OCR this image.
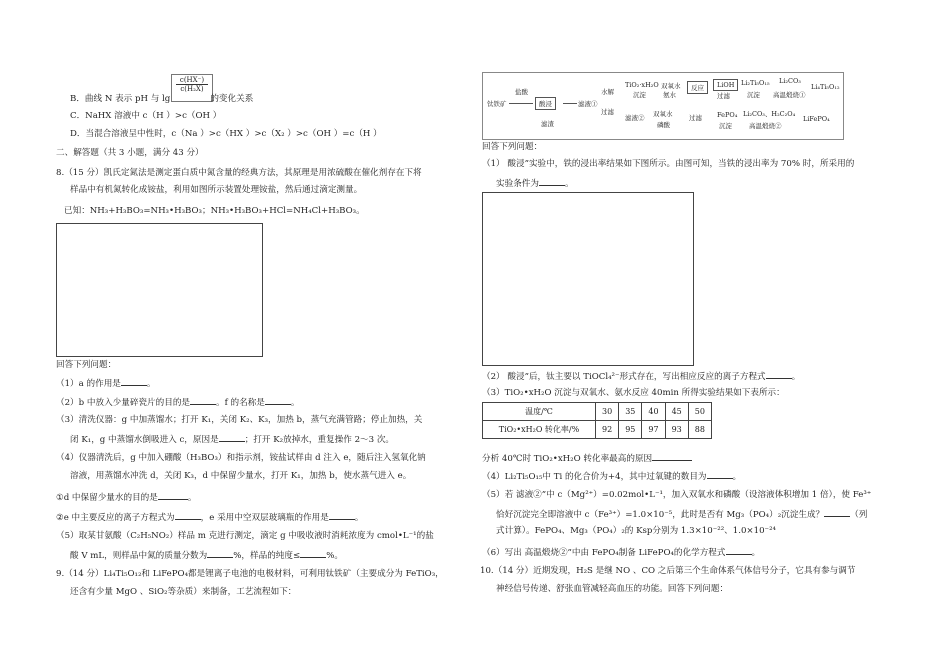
$\frac{c(HX^-)}{\text{c(H₂X)}}$
B．曲线 N 表示 pH 与 lg	的变化关系
C．NaHX 溶液中 c（H ）>c（OH ）
D．当混合溶液呈中性时，c（Na ）>c（HX ）>c（X₂ ）>c（OH ）=c（H ）
二、解答题（共 3 小题，满分 43 分）
8.（15 分）凯氏定氮法是测定蛋白质中氮含量的经典方法，其原理是用浓硫酸在催化剂存在下将
样品中有机氮转化成铵盐，利用如图所示装置处理铵盐，然后通过滴定测量。
已知：NH₃+H₃BO₃=NH₃•H₃BO₃；NH₃•H₃BO₃+HCl=NH₄Cl+H₃BO₃。
回答下列问题：
（1）a 的作用是	。
（2）b 中放入少量碎瓷片的目的是	。f 的名称是	。
（3）清洗仪器：g 中加蒸馏水；打开 K₁，关闭 K₂、K₃，加热 b，蒸气充满管路；停止加热，关
闭 K₁，g 中蒸馏水倒吸进入 c，原因是	；打开 K₂放掉水，重复操作 2～3 次。
（4）仪器清洗后，g 中加入硼酸（H₃BO₃）和指示剂，铵盐试样由 d 注入 e，随后注入氢氧化钠
溶液，用蒸馏水冲洗 d，关闭 K₃，d 中保留少量水，打开 K₁，加热 b，使水蒸气进入 e。
①d 中保留少量水的目的是	。
②e 中主要反应的离子方程式为	，e 采用中空双层玻璃瓶的作用是	。
（5）取某甘氨酸（C₂H₅NO₂）样品 m 克进行测定，滴定 g 中吸收液时消耗浓度为 cmol•L⁻¹的盐
酸 V mL，则样品中氮的质量分数为	%，样品的纯度≤	%。
9.（14 分）Li₄Ti₅O₁₂和 LiFePO₄都是锂离子电池的电极材料，可利用钛铁矿（主要成分为 FeTiO₃，
还含有少量 MgO 、SiO₂等杂质）来制备，工艺流程如下：
钛铁矿
盐酸
酸浸
滤渣
滤液①
水解
过滤
TiO₂·xH₂O
沉淀
双氧水
氨水
反应	LiOH
过滤
Li₂Ti₅O₁₅
沉淀
Li₂CO₃
高温煅烧①
Li₄Ti₅O₁₂
滤液② 双氧水
磷酸
过滤 FePO₄
沉淀
Li₂CO₃、H₂C₂O₄
高温煅烧②
LiFePO₄
回答下列问题：
（1） 酸浸”实验中，铁的浸出率结果如下图所示。由图可知，当铁的浸出率为 70% 时，所采用的
实验条件为	。
（2） 酸浸”后，钛主要以 TiOCl₄²⁻形式存在，写出相应反应的离子方程式	。
（3）TiO₂•xH₂O 沉淀与双氧水、氨水反应 40min 所得实验结果如下表所示：
温度/℃	30	35	40	45	50
TiO₂•xH₂O 转化率/%	92	95	97	93	88
分析 40℃时 TiO₂•xH₂O 转化率最高的原因
（4）Li₂Ti₅O₁₅中 Ti 的化合价为+4，其中过氧键的数目为	。
（5）若 滤液②”中 c（Mg²⁺）=0.02mol•L⁻¹，加入双氧水和磷酸（设溶液体积增加 1 倍），使 Fe³⁺
恰好沉淀完全即溶液中 c（Fe³⁺）=1.0×10⁻⁵，此时是否有 Mg₃（PO₄）₂沉淀生成？	（列
式计算）。FePO₄、Mg₃（PO₄）₂的 Ksp分别为 1.3×10⁻²²、1.0×10⁻²⁴
（6）写出 高温煅烧②”中由 FePO₄制备 LiFePO₄的化学方程式	。
10.（14 分）近期发现，H₂S 是继 NO 、CO 之后第三个生命体系气体信号分子，它具有参与调节
神经信号传递、舒张血管减轻高血压的功能。回答下列问题：
